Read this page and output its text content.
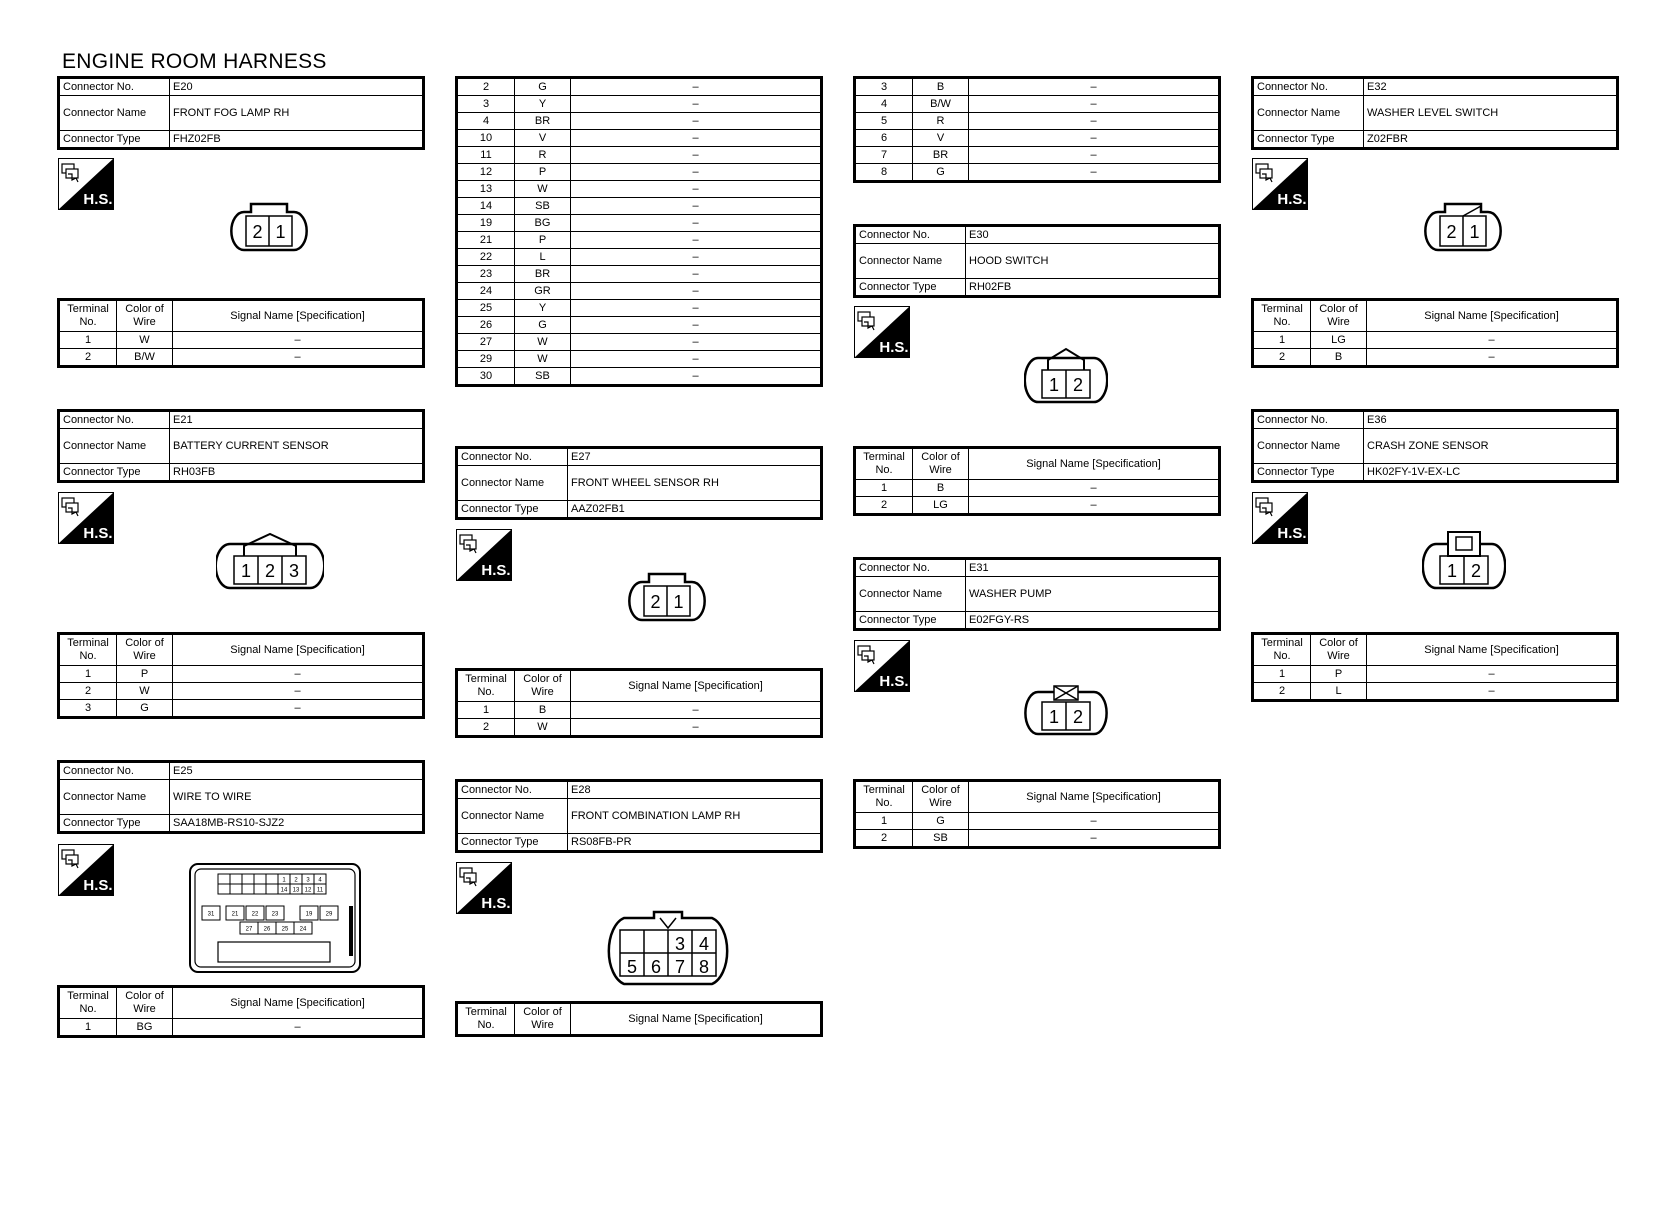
ENGINE ROOM HARNESS
Connector No.	E20
Connector Name	FRONT FOG LAMP RH
Connector Type	FHZ02FB
H.S.
2 1
Terminal No.	Color of Wire	Signal Name [Specification]
1	W	–
2	B/W	–
Connector No.	E21
Connector Name	BATTERY CURRENT SENSOR
Connector Type	RH03FB
H.S.
1 2 3
Terminal No.	Color of Wire	Signal Name [Specification]
1	P	–
2	W	–
3	G	–
Connector No.	E25
Connector Name	WIRE TO WIRE
Connector Type	SAA18MB-RS10-SJZ2
H.S.	1 2 3 4
14 13 12 11
31	21 22 23	19 29
27 26 25 24
Terminal No.	Color of Wire	Signal Name [Specification]
1	BG	–
2	G	–
3	Y	–
4	BR	–
10	V	–
11	R	–
12	P	–
13	W	–
14	SB	–
19	BG	–
21	P	–
22	L	–
23	BR	–
24	GR	–
25	Y	–
26	G	–
27	W	–
29	W	–
30	SB	–
Connector No.	E27
Connector Name	FRONT WHEEL SENSOR RH
Connector Type	AAZ02FB1
H.S.
2 1
Terminal No.	Color of Wire	Signal Name [Specification]
1	B	–
2	W	–
Connector No.	E28
Connector Name	FRONT COMBINATION LAMP RH
Connector Type	RS08FB-PR
H.S.
3 4
5 6 7 8
Terminal No.	Color of Wire	Signal Name [Specification]
3	B	–
4	B/W	–
5	R	–
6	V	–
7	BR	–
8	G	–
Connector No.	E30
Connector Name	HOOD SWITCH
Connector Type	RH02FB
H.S.
1 2
Terminal No.	Color of Wire	Signal Name [Specification]
1	B	–
2	LG	–
Connector No.	E31
Connector Name	WASHER PUMP
Connector Type	E02FGY-RS
H.S.
1 2
Terminal No.	Color of Wire	Signal Name [Specification]
1	G	–
2	SB	–
Connector No.	E32
Connector Name	WASHER LEVEL SWITCH
Connector Type	Z02FBR
H.S.
2 1
Terminal No.	Color of Wire	Signal Name [Specification]
1	LG	–
2	B	–
Connector No.	E36
Connector Name	CRASH ZONE SENSOR
Connector Type	HK02FY-1V-EX-LC
H.S.
1 2
Terminal No.	Color of Wire	Signal Name [Specification]
1	P	–
2	L	–
